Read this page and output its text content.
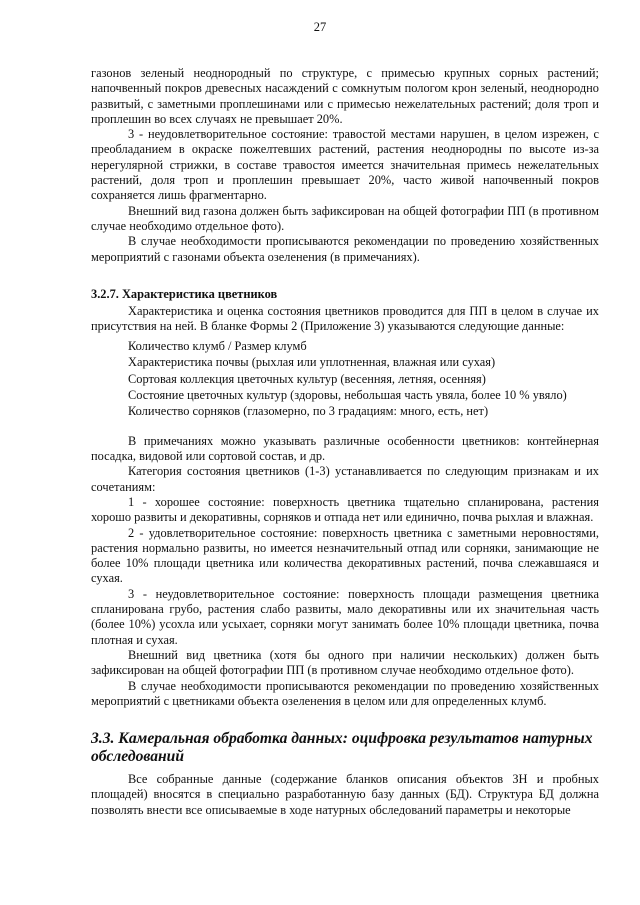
27

газонов зеленый неоднородный по структуре, с примесью крупных сорных растений; напочвенный покров древесных насаждений с сомкнутым пологом крон зеленый, неоднородно развитый, с заметными проплешинами или с примесью нежелательных растений; доля троп и проплешин во всех случаях не превышает 20%.

3 - неудовлетворительное состояние: травостой местами нарушен, в целом изрежен, с преобладанием в окраске пожелтевших растений, растения неоднородны по высоте из-за нерегулярной стрижки, в составе травостоя имеется значительная примесь нежелательных растений, доля троп и проплешин превышает 20%, часто живой напочвенный покров сохраняется лишь фрагментарно.

Внешний вид газона должен быть зафиксирован на общей фотографии ПП (в противном случае необходимо отдельное фото).

В случае необходимости прописываются рекомендации по проведению хозяйственных мероприятий с газонами объекта озеленения (в примечаниях).

3.2.7. Характеристика цветников

Характеристика и оценка состояния цветников проводится для ПП в целом в случае их присутствия на ней. В бланке Формы 2 (Приложение 3) указываются следующие данные:

Количество клумб / Размер клумб
Характеристика почвы (рыхлая или уплотненная, влажная или сухая)
Сортовая коллекция цветочных культур (весенняя, летняя, осенняя)
Состояние цветочных культур (здоровы, небольшая часть увяла, более 10 % увяло)
Количество сорняков (глазомерно, по 3 градациям: много, есть, нет)

В примечаниях можно указывать различные особенности цветников: контейнерная посадка, видовой или сортовой состав, и др.

Категория состояния цветников (1-3) устанавливается по следующим признакам и их сочетаниям:

1 - хорошее состояние: поверхность цветника тщательно спланирована, растения хорошо развиты и декоративны, сорняков и отпада нет или единично, почва рыхлая и влажная.

2 - удовлетворительное состояние: поверхность цветника с заметными неровностями, растения нормально развиты, но имеется незначительный отпад или сорняки, занимающие не более 10% площади цветника или количества декоративных растений, почва слежавшаяся и сухая.

3 - неудовлетворительное состояние: поверхность площади размещения цветника спланирована грубо, растения слабо развиты, мало декоративны или их значительная часть (более 10%) усохла или усыхает, сорняки могут занимать более 10% площади цветника, почва плотная и сухая.

Внешний вид цветника (хотя бы одного при наличии нескольких) должен быть зафиксирован на общей фотографии ПП (в противном случае необходимо отдельное фото).

В случае необходимости прописываются рекомендации по проведению хозяйственных мероприятий с цветниками объекта озеленения в целом или для определенных клумб.

3.3. Камеральная обработка данных: оцифровка результатов натурных обследований

Все собранные данные (содержание бланков описания объектов ЗН и пробных площадей) вносятся в специально разработанную базу данных (БД). Структура БД должна позволять внести все описываемые в ходе натурных обследований параметры и некоторые
